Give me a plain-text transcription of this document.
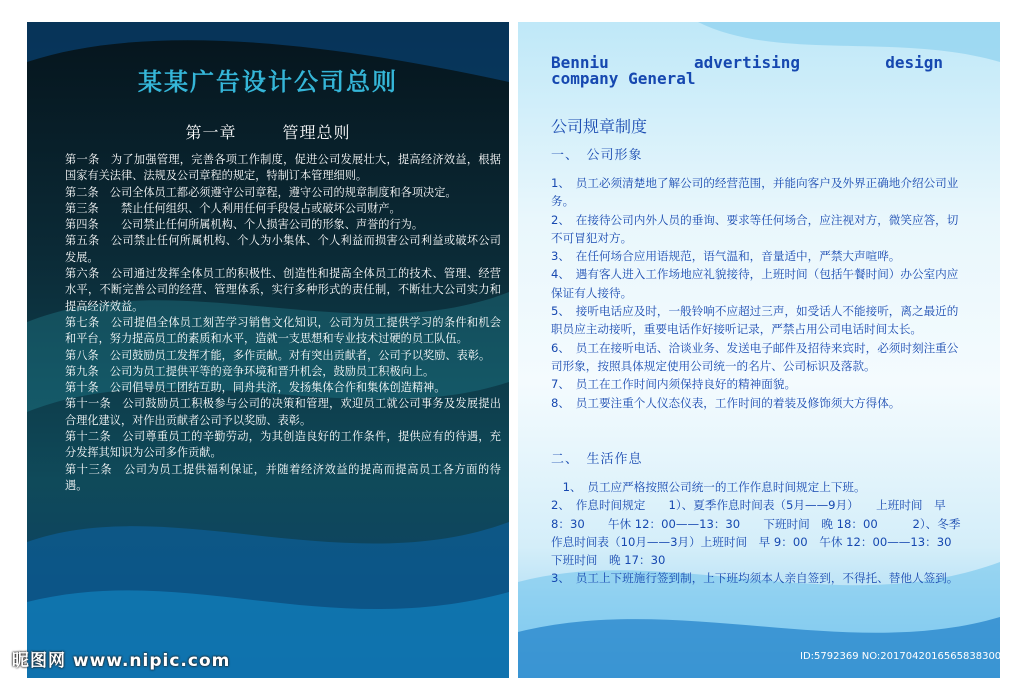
某某广告设计公司总则
第一章	管理总则
第一条　为了加强管理，完善各项工作制度，促进公司发展壮大，提高经济效益，根据国家有关法律、法规及公司章程的规定，特制订本管理细则。
第二条　公司全体员工都必须遵守公司章程，遵守公司的规章制度和各项决定。
第三条　　禁止任何组织、个人利用任何手段侵占或破坏公司财产。
第四条　　公司禁止任何所属机构、个人损害公司的形象、声誉的行为。
第五条　公司禁止任何所属机构、个人为小集体、个人利益而损害公司利益或破坏公司发展。
第六条　公司通过发挥全体员工的积极性、创造性和提高全体员工的技术、管理、经营水平，不断完善公司的经营、管理体系，实行多种形式的责任制，不断壮大公司实力和提高经济效益。
第七条　公司提倡全体员工刻苦学习销售文化知识，公司为员工提供学习的条件和机会和平台，努力提高员工的素质和水平，造就一支思想和专业技术过硬的员工队伍。
第八条　公司鼓励员工发挥才能，多作贡献。对有突出贡献者，公司予以奖励、表彰。
第九条　公司为员工提供平等的竞争环境和晋升机会，鼓励员工积极向上。
第十条　公司倡导员工团结互助，同舟共济，发扬集体合作和集体创造精神。
第十一条　公司鼓励员工积极参与公司的决策和管理，欢迎员工就公司事务及发展提出合理化建议，对作出贡献者公司予以奖励、表彰。
第十二条　公司尊重员工的辛勤劳动，为其创造良好的工作条件，提供应有的待遇，充分发挥其知识为公司多作贡献。
第十三条　公司为员工提供福利保证，并随着经济效益的提高而提高员工各方面的待遇。
Benniu	advertising	design
company General
公司规章制度
一、　公司形象
1、　员工必须清楚地了解公司的经营范围，并能向客户及外界正确地介绍公司业务。
2、　在接待公司内外人员的垂询、要求等任何场合，应注视对方，微笑应答，切不可冒犯对方。
3、　在任何场合应用语规范，语气温和，音量适中，严禁大声喧哗。
4、　遇有客人进入工作场地应礼貌接待，上班时间（包括午餐时间）办公室内应保证有人接待。
5、　接听电话应及时，一般铃响不应超过三声，如受话人不能接听，离之最近的职员应主动接听，重要电话作好接听记录，严禁占用公司电话时间太长。
6、　员工在接听电话、洽谈业务、发送电子邮件及招待来宾时，必须时刻注重公司形象，按照具体规定使用公司统一的名片、公司标识及落款。
7、　员工在工作时间内须保持良好的精神面貌。
8、　员工要注重个人仪态仪表，工作时间的着装及修饰须大方得体。
二、　生活作息
　1、　员工应严格按照公司统一的工作作息时间规定上下班。
2、　作息时间规定　　1）、夏季作息时间表（5月——9月）　　上班时间　早8：30　　午休 12：00——13：30　　下班时间　晚 18：00　　　2）、冬季作息时间表（10月——3月）上班时间　早 9：00　午休 12：00——13：30　　下班时间　晚 17：30
3、　员工上下班施行签到制，上下班均须本人亲自签到，不得托、替他人签到。
昵图网 www.nipic.com	ID:5792369 NO:20170420165658383000
